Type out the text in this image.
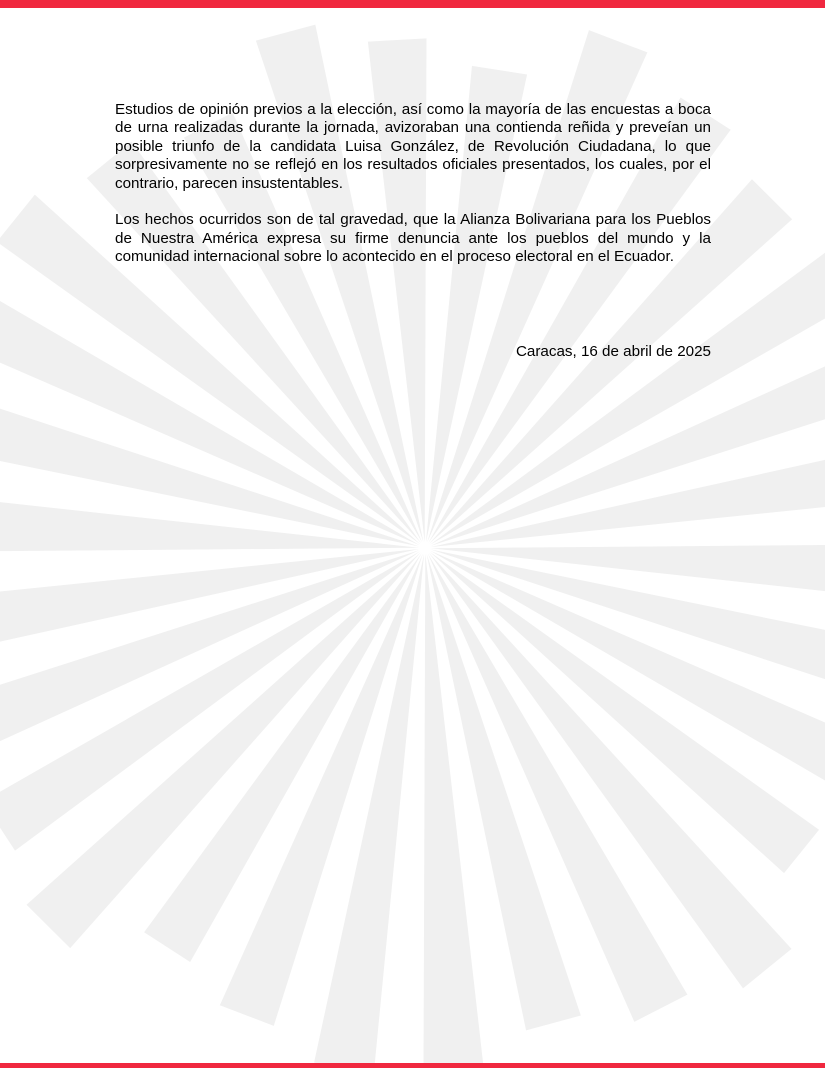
Estudios de opinión previos a la elección, así como la mayoría de las encuestas a boca de urna realizadas durante la jornada, avizoraban una contienda reñida y preveían un posible triunfo de la candidata Luisa González, de Revolución Ciudadana, lo que sorpresivamente no se reflejó en los resultados oficiales presentados, los cuales, por el contrario, parecen insustentables.

Los hechos ocurridos son de tal gravedad, que la Alianza Bolivariana para los Pueblos de Nuestra América expresa su firme denuncia ante los pueblos del mundo y la comunidad internacional sobre lo acontecido en el proceso electoral en el Ecuador.

Caracas, 16 de abril de 2025
